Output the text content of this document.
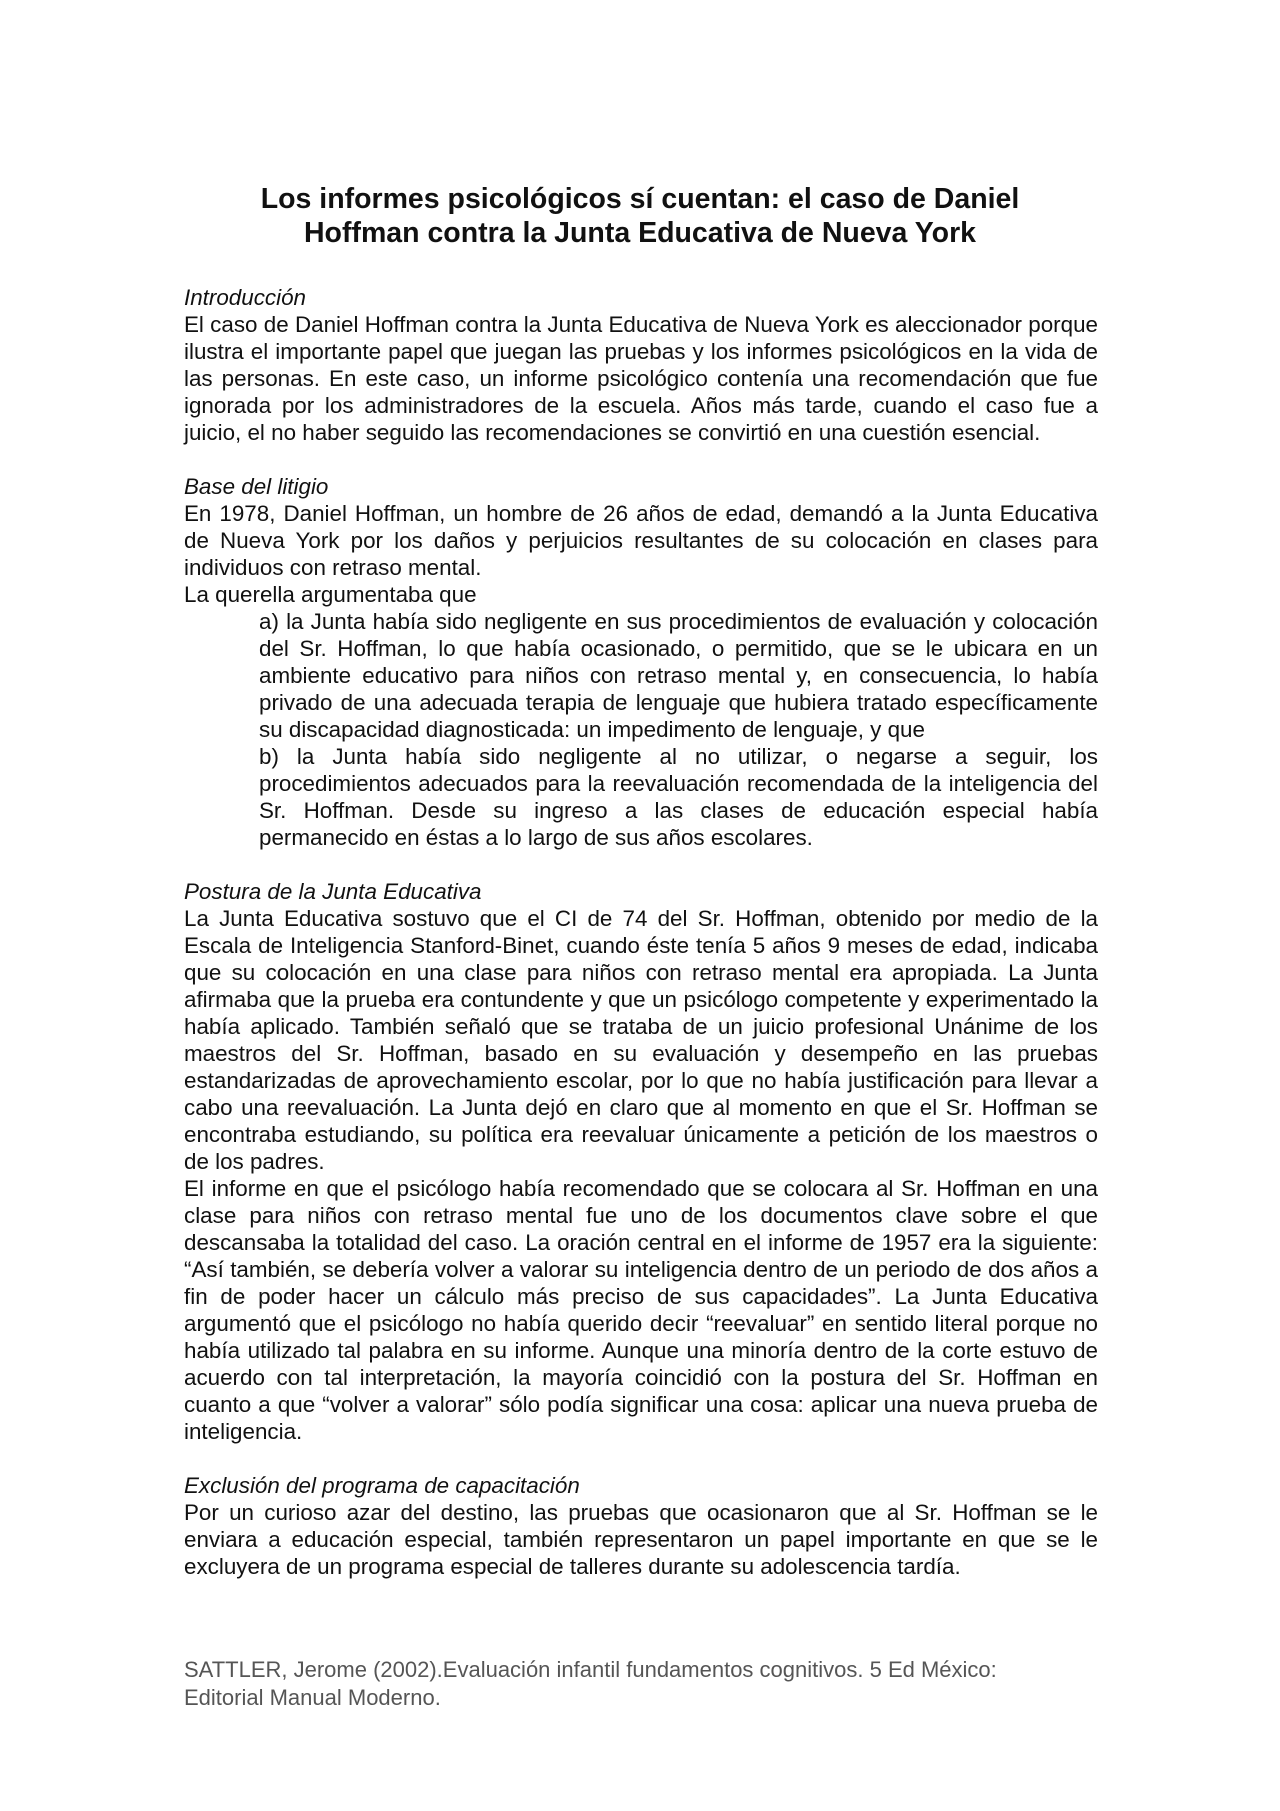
Los informes psicológicos sí cuentan: el caso de Daniel
Hoffman contra la Junta Educativa de Nueva York

Introducción

El caso de Daniel Hoffman contra la Junta Educativa de Nueva York es aleccionador porque ilustra el importante papel que juegan las pruebas y los informes psicológicos en la vida de las personas. En este caso, un informe psicológico contenía una recomendación que fue ignorada por los administradores de la escuela. Años más tarde, cuando el caso fue a juicio, el no haber seguido las recomendaciones se convirtió en una cuestión esencial.

Base del litigio

En 1978, Daniel Hoffman, un hombre de 26 años de edad, demandó a la Junta Educativa de Nueva York por los daños y perjuicios resultantes de su colocación en clases para individuos con retraso mental.

La querella argumentaba que

a) la Junta había sido negligente en sus procedimientos de evaluación y colocación del Sr. Hoffman, lo que había ocasionado, o permitido, que se le ubicara en un ambiente educativo para niños con retraso mental y, en consecuencia, lo había privado de una adecuada terapia de lenguaje que hubiera tratado específicamente su discapacidad diagnosticada: un impedimento de lenguaje, y que

b) la Junta había sido negligente al no utilizar, o negarse a seguir, los procedimientos adecuados para la reevaluación recomendada de la inteligencia del Sr. Hoffman. Desde su ingreso a las clases de educación especial había permanecido en éstas a lo largo de sus años escolares.

Postura de la Junta Educativa

La Junta Educativa sostuvo que el CI de 74 del Sr. Hoffman, obtenido por medio de la Escala de Inteligencia Stanford-Binet, cuando éste tenía 5 años 9 meses de edad, indicaba que su colocación en una clase para niños con retraso mental era apropiada. La Junta afirmaba que la prueba era contundente y que un psicólogo competente y experimentado la había aplicado. También señaló que se trataba de un juicio profesional Unánime de los maestros del Sr. Hoffman, basado en su evaluación y desempeño en las pruebas estandarizadas de aprovechamiento escolar, por lo que no había justificación para llevar a cabo una reevaluación. La Junta dejó en claro que al momento en que el Sr. Hoffman se encontraba estudiando, su política era reevaluar únicamente a petición de los maestros o de los padres.

El informe en que el psicólogo había recomendado que se colocara al Sr. Hoffman en una clase para niños con retraso mental fue uno de los documentos clave sobre el que descansaba la totalidad del caso. La oración central en el informe de 1957 era la siguiente: “Así también, se debería volver a valorar su inteligencia dentro de un periodo de dos años a fin de poder hacer un cálculo más preciso de sus capacidades”. La Junta Educativa argumentó que el psicólogo no había querido decir “reevaluar” en sentido literal porque no había utilizado tal palabra en su informe. Aunque una minoría dentro de la corte estuvo de acuerdo con tal interpretación, la mayoría coincidió con la postura del Sr. Hoffman en cuanto a que “volver a valorar” sólo podía significar una cosa: aplicar una nueva prueba de inteligencia.

Exclusión del programa de capacitación

Por un curioso azar del destino, las pruebas que ocasionaron que al Sr. Hoffman se le enviara a educación especial, también representaron un papel importante en que se le excluyera de un programa especial de talleres durante su adolescencia tardía.

SATTLER, Jerome (2002).Evaluación infantil fundamentos cognitivos. 5 Ed México:
Editorial Manual Moderno.
